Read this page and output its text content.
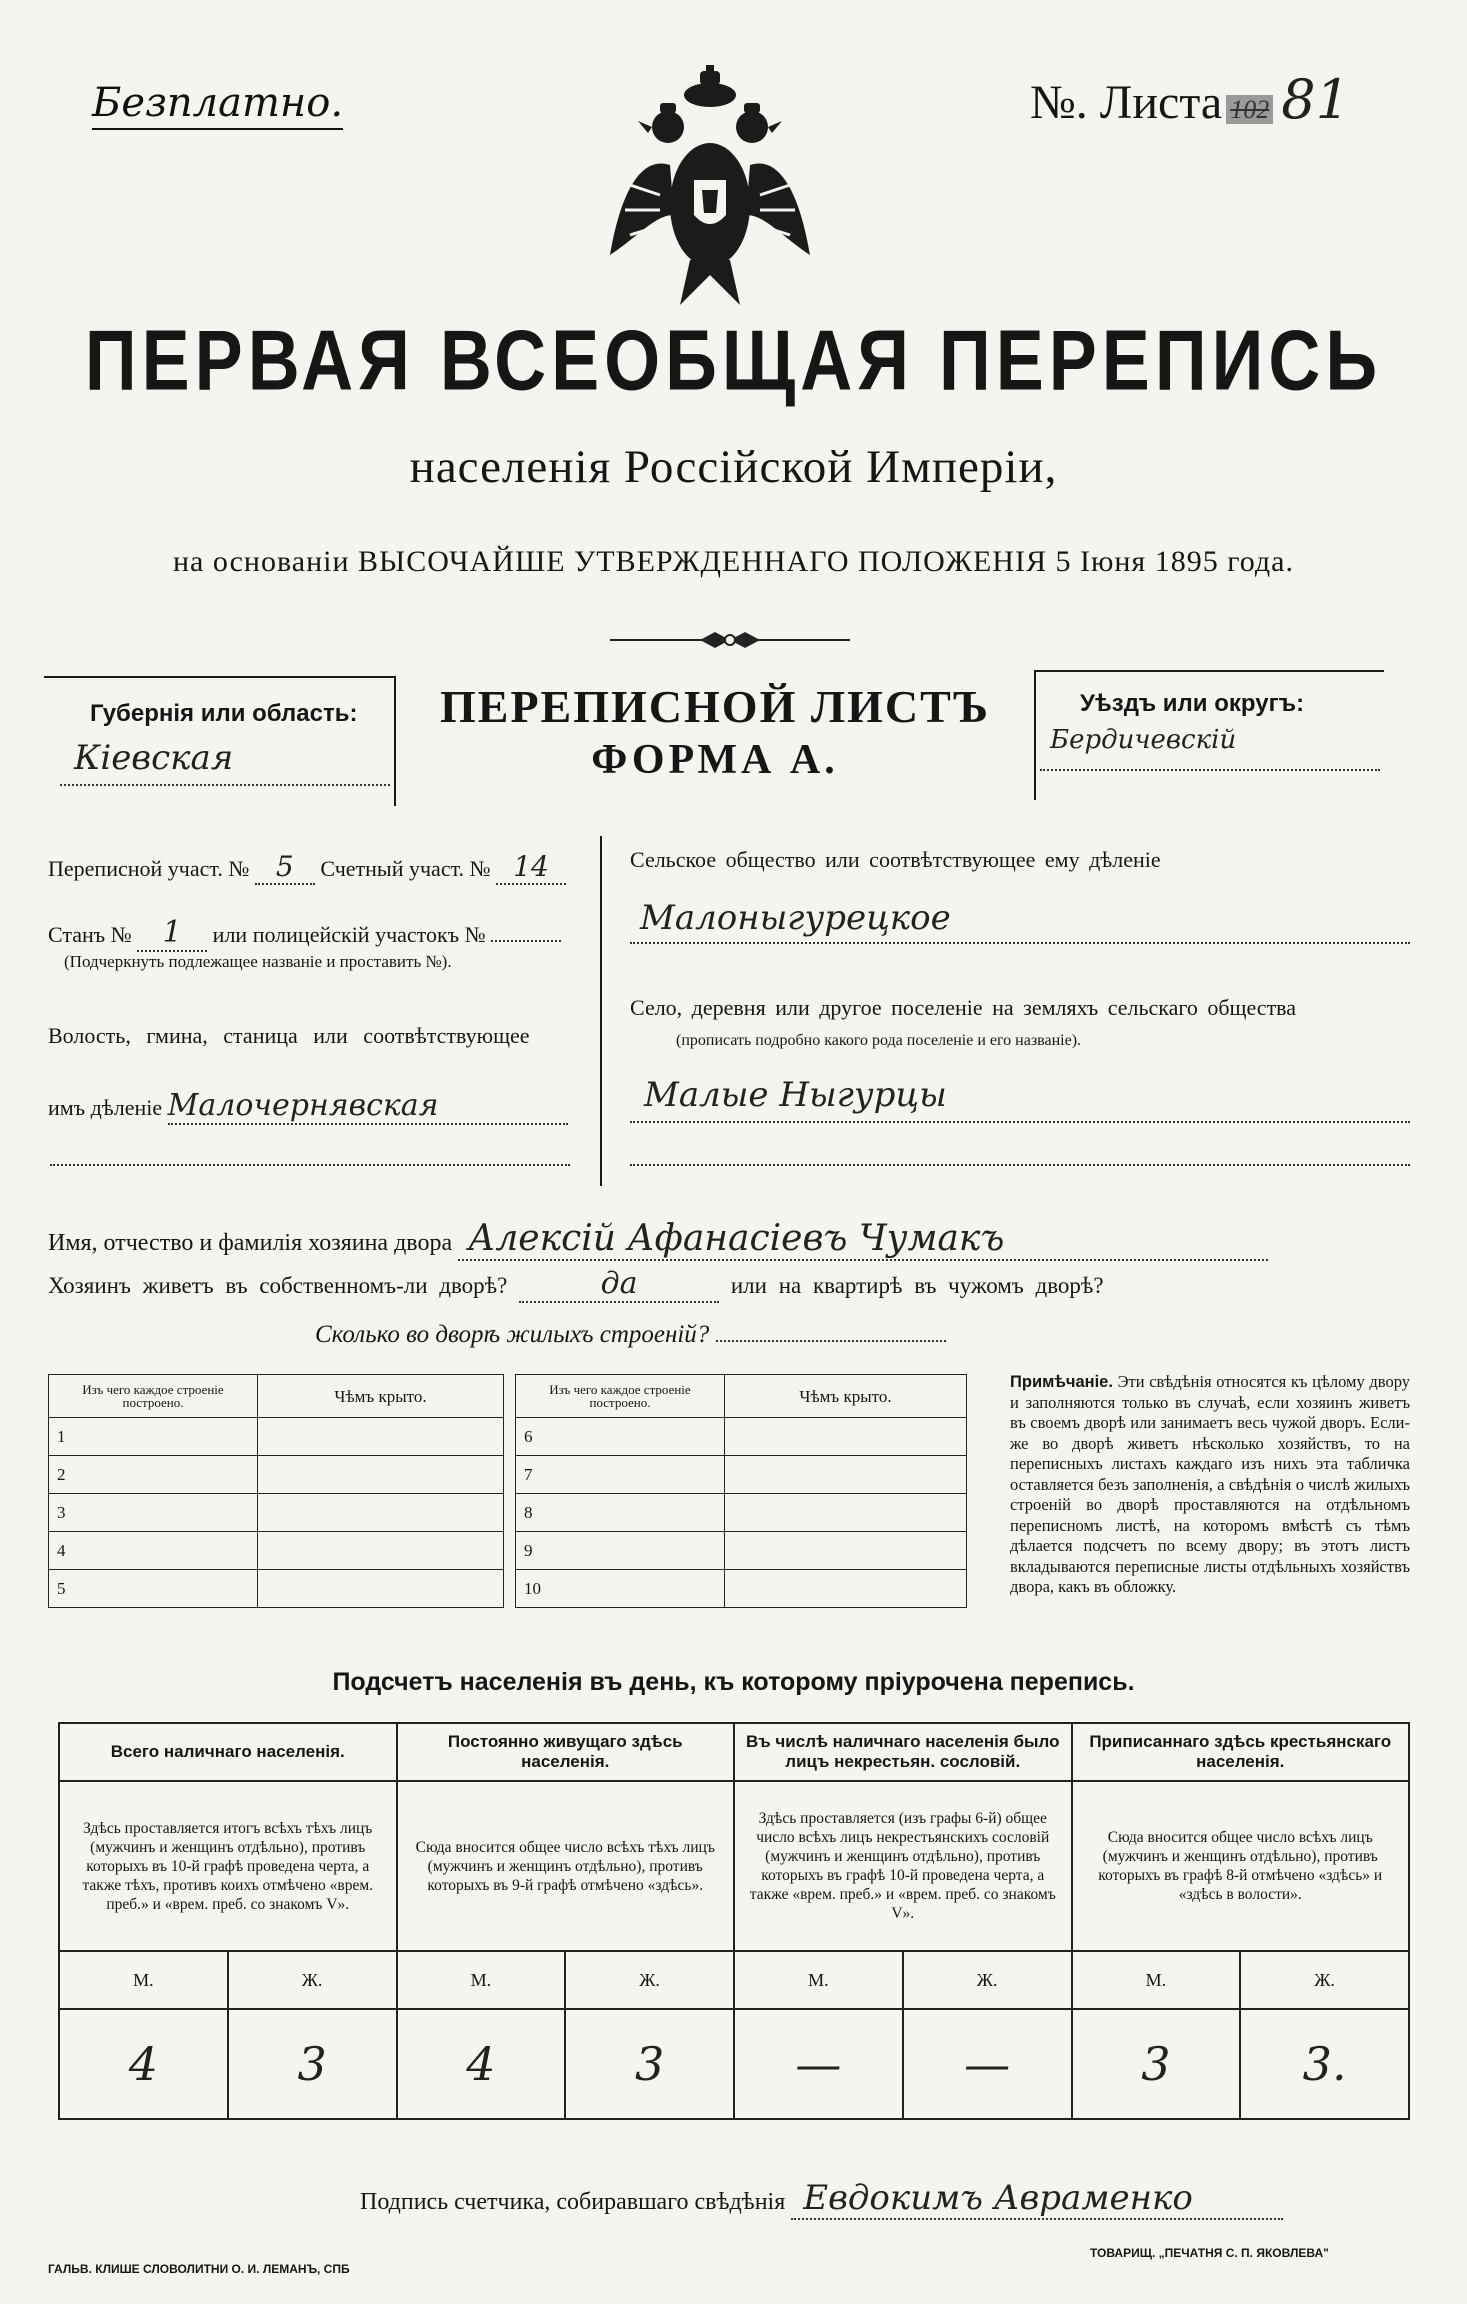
Безплатно.	№. Листа 102 81
ПЕРВАЯ ВСЕОБЩАЯ ПЕРЕПИСЬ
населенія Россійской Имперіи,
на основаніи ВЫСОЧАЙШЕ УТВЕРЖДЕННАГО ПОЛОЖЕНІЯ 5 Іюня 1895 года.
Губернія или область:
Кіевская
ПЕРЕПИСНОЙ ЛИСТЪ
ФОРМА А.
Уѣздъ или округъ:
Бердичевскій
Переписной участ. № 5 Счетный участ. № 14
Станъ № 1 или полицейскій участокъ №
(Подчеркнуть подлежащее названіе и проставить №).
Волость, гмина, станица или соотвѣтствующее
имъ дѣленіе Малочернявская
Сельское общество или соотвѣтствующее ему дѣленіе
Малоныгурецкое
Село, деревня или другое поселеніе на земляхъ сельскаго общества
(прописать подробно какого рода поселеніе и его названіе).
Малые Ныгурцы
Имя, отчество и фамилія хозяина двора Алексій Афанасіевъ Чумакъ
Хозяинъ живетъ въ собственномъ-ли дворѣ?	да	или на квартирѣ въ чужомъ дворѣ?
Сколько во дворѣ жилыхъ строеній?
Изъ чего каждое строеніе построено.	Чѣмъ крыто.
1	
2	
3	
4	
5	
Изъ чего каждое строеніе построено.	Чѣмъ крыто.
6	
7	
8	
9	
10	
Примѣчаніе. Эти свѣдѣнія относятся къ цѣлому двору и заполняются только въ случаѣ, если хозяинъ живетъ въ своемъ дворѣ или занимаетъ весь чужой дворъ. Если-же во дворѣ живетъ нѣсколько хозяйствъ, то на переписныхъ листахъ каждаго изъ нихъ эта табличка оставляется безъ заполненія, а свѣдѣнія о числѣ жилыхъ строеній во дворѣ проставляются на отдѣльномъ переписномъ листѣ, на которомъ вмѣстѣ съ тѣмъ дѣлается подсчетъ по всему двору; въ этотъ листъ вкладываются переписные листы отдѣльныхъ хозяйствъ двора, какъ въ обложку.
Подсчетъ населенія въ день, къ которому пріурочена перепись.
Всего наличнаго населенія.		Постоянно живущаго здѣсь населенія.		Въ числѣ наличнаго населенія было лицъ некрестьян. сословій.		Приписаннаго здѣсь крестьянскаго населенія.	
Здѣсь проставляется итогъ всѣхъ тѣхъ лицъ (мужчинъ и женщинъ отдѣльно), противъ которыхъ въ 10-й графѣ проведена черта, а также тѣхъ, противъ коихъ отмѣчено «врем. преб.» и «врем. преб. со знакомъ V».		Сюда вносится общее число всѣхъ тѣхъ лицъ (мужчинъ и женщинъ отдѣльно), противъ которыхъ въ 9-й графѣ отмѣчено «здѣсь».		Здѣсь проставляется (изъ графы 6-й) общее число всѣхъ лицъ некрестьянскихъ сословій (мужчинъ и женщинъ отдѣльно), противъ которыхъ въ графѣ 10-й проведена черта, а также «врем. преб.» и «врем. преб. со знакомъ V».		Сюда вносится общее число всѣхъ лицъ (мужчинъ и женщинъ отдѣльно), противъ которыхъ въ графѣ 8-й отмѣчено «здѣсь» и «здѣсь в волости».	
М.	Ж.	М.	Ж.	М.	Ж.	М.	Ж.
4	3	4	3	—	—	3	3.
Подпись счетчика, собиравшаго свѣдѣнія Евдокимъ Авраменко
ГАЛЬВ. КЛИШЕ СЛОВОЛИТНИ О. И. ЛЕМАНЪ, СПБ
ТОВАРИЩ. „ПЕЧАТНЯ С. П. ЯКОВЛЕВА"
